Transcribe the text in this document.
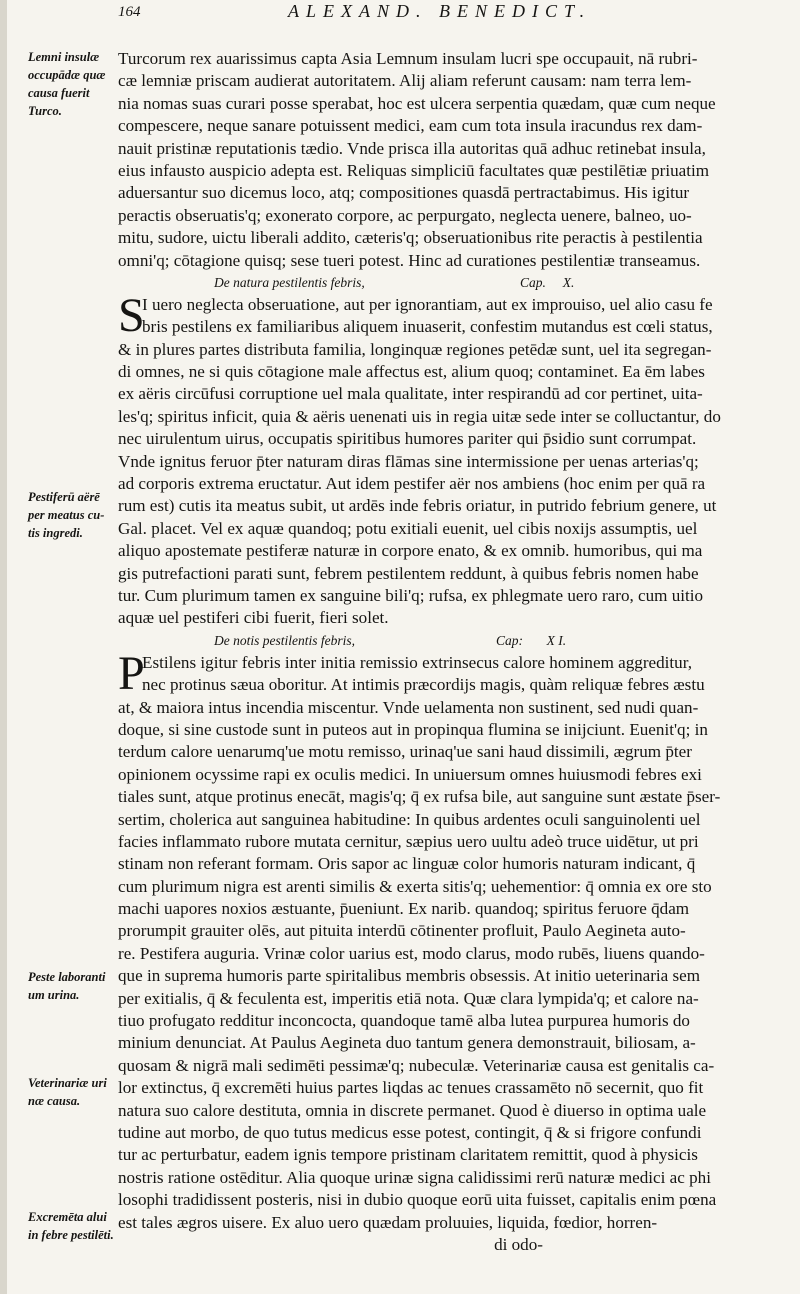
164	ALEXAND. BENEDICT.
Lemni insulæ
occupādæ quæ
causa fuerit
Turco.
Pestiferū aërē
per meatus cu-
tis ingredi.
Peste laboranti
um urina.
Veterinariæ uri
næ causa.
Excremēta alui
in febre pestilēti.
Turcorum rex auarissimus capta Asia Lemnum insulam lucri spe occupauit, nā rubri-
cæ lemniæ priscam audierat autoritatem. Alij aliam referunt causam: nam terra lem-
nia nomas suas curari posse sperabat, hoc est ulcera serpentia quædam, quæ cum neque
compescere, neque sanare potuissent medici, eam cum tota insula iracundus rex dam-
nauit pristinæ reputationis tædio. Vnde prisca illa autoritas quā adhuc retinebat insula,
eius infausto auspicio adepta est. Reliquas simpliciū facultates quæ pestilētiæ priuatim
aduersantur suo dicemus loco, atq; compositiones quasdā pertractabimus. His igitur
peractis obseruatis'q; exonerato corpore, ac perpurgato, neglecta uenere, balneo, uo-
mitu, sudore, uictu liberali addito, cæteris'q; obseruationibus rite peractis à pestilentia
omni'q; cōtagione quisq; sese tueri potest. Hinc ad curationes pestilentiæ transeamus.
De natura pestilentis febris,	Cap.     X.
S
I uero neglecta obseruatione, aut per ignorantiam, aut ex improuiso, uel alio casu fe
bris pestilens ex familiaribus aliquem inuaserit, confestim mutandus est cœli status,
& in plures partes distributa familia, longinquæ regiones petēdæ sunt, uel ita segregan-
di omnes, ne si quis cōtagione male affectus est, alium quoq; contaminet. Ea ēm labes
ex aëris circūfusi corruptione uel mala qualitate, inter respirandū ad cor pertinet, uita-
les'q; spiritus inficit, quia & aëris uenenati uis in regia uitæ sede inter se colluctantur, do
nec uirulentum uirus, occupatis spiritibus humores pariter qui p̄sidio sunt corrumpat.
Vnde ignitus feruor p̄ter naturam diras flāmas sine intermissione per uenas arterias'q;
ad corporis extrema eructatur. Aut idem pestifer aër nos ambiens (hoc enim per quā ra
rum est) cutis ita meatus subit, ut ardēs inde febris oriatur, in putrido febrium genere, ut
Gal. placet. Vel ex aquæ quandoq; potu exitiali euenit, uel cibis noxijs assumptis, uel
aliquo apostemate pestiferæ naturæ in corpore enato, & ex omnib. humoribus, qui ma
gis putrefactioni parati sunt, febrem pestilentem reddunt, à quibus febris nomen habe
tur. Cum plurimum tamen ex sanguine bili'q; rufsa, ex phlegmate uero raro, cum uitio
aquæ uel pestiferi cibi fuerit, fieri solet.
De notis pestilentis febris,	Cap:       X I.
P
Estilens igitur febris inter initia remissio extrinsecus calore hominem aggreditur,
nec protinus sæua oboritur. At intimis præcordijs magis, quàm reliquæ febres æstu
at, & maiora intus incendia miscentur. Vnde uelamenta non sustinent, sed nudi quan-
doque, si sine custode sunt in puteos aut in propinqua flumina se inijciunt. Euenit'q; in
terdum calore uenarumq'ue motu remisso, urinaq'ue sani haud dissimili, ægrum p̄ter
opinionem ocyssime rapi ex oculis medici. In uniuersum omnes huiusmodi febres exi
tiales sunt, atque protinus enecāt, magis'q; q̄ ex rufsa bile, aut sanguine sunt æstate p̄ser-
sertim, cholerica aut sanguinea habitudine: In quibus ardentes oculi sanguinolenti uel
facies inflammato rubore mutata cernitur, sæpius uero uultu adeò truce uidētur, ut pri
stinam non referant formam. Oris sapor ac linguæ color humoris naturam indicant, q̄
cum plurimum nigra est arenti similis & exerta sitis'q; uehementior: q̄ omnia ex ore sto
machi uapores noxios æstuante, p̄ueniunt. Ex narib. quandoq; spiritus feruore q̄dam
prorumpit grauiter olēs, aut pituita interdū cōtinenter profluit, Paulo Aegineta auto-
re. Pestifera auguria. Vrinæ color uarius est, modo clarus, modo rubēs, liuens quando-
que in suprema humoris parte spiritalibus membris obsessis. At initio ueterinaria sem
per exitialis, q̄ & feculenta est, imperitis etiā nota. Quæ clara lympida'q; et calore na-
tiuo profugato redditur inconcocta, quandoque tamē alba lutea purpurea humoris do
minium denunciat. At Paulus Aegineta duo tantum genera demonstrauit, biliosam, a-
quosam & nigrā mali sedimēti pessimæ'q; nubeculæ. Veterinariæ causa est genitalis ca-
lor extinctus, q̄ excremēti huius partes liqdas ac tenues crassamēto nō secernit, quo fit
natura suo calore destituta, omnia in discrete permanet. Quod è diuerso in optima uale
tudine aut morbo, de quo tutus medicus esse potest, contingit, q̄ & si frigore confundi
tur ac perturbatur, eadem ignis tempore pristinam claritatem remittit, quod à physicis
nostris ratione ostēditur. Alia quoque urinæ signa calidissimi rerū naturæ medici ac phi
losophi tradidissent posteris, nisi in dubio quoque eorū uita fuisset, capitalis enim pœna
est tales ægros uisere. Ex aluo uero quædam proluuies, liquida, fœdior, horren-
di odo-
